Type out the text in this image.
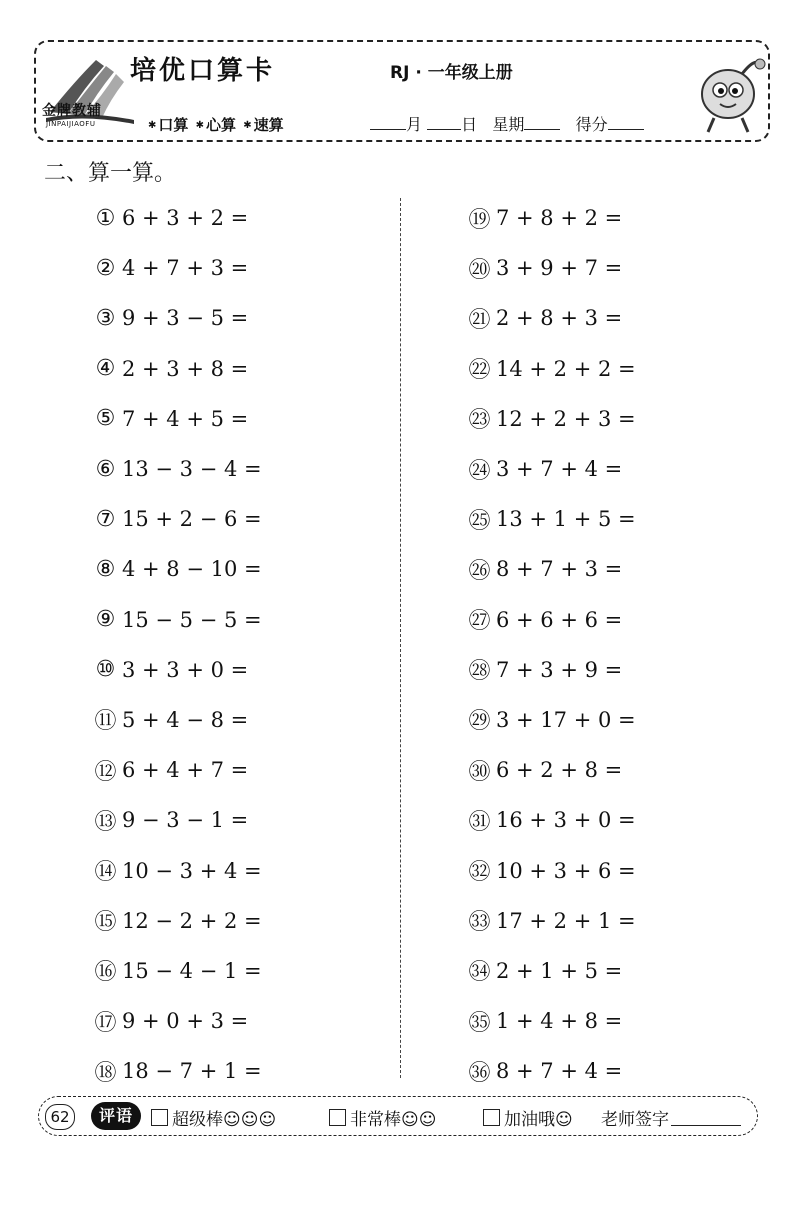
金牌教辅
JINPAIJIAOFU
培优口算卡	RJ · 一年级上册
✱ 口算 ✱ 心算 ✱ 速算	月 日 星期	得分
二、算一算。
① 6 + 3 + 2 =
② 4 + 7 + 3 =
③ 9 + 3 − 5 =
④ 2 + 3 + 8 =
⑤ 7 + 4 + 5 =
⑥ 13 − 3 − 4 =
⑦ 15 + 2 − 6 =
⑧ 4 + 8 − 10 =
⑨ 15 − 5 − 5 =
⑩ 3 + 3 + 0 =
⑪ 5 + 4 − 8 =
⑫ 6 + 4 + 7 =
⑬ 9 − 3 − 1 =
⑭ 10 − 3 + 4 =
⑮ 12 − 2 + 2 =
⑯ 15 − 4 − 1 =
⑰ 9 + 0 + 3 =
⑱ 18 − 7 + 1 =
⑲ 7 + 8 + 2 =
⑳ 3 + 9 + 7 =
㉑ 2 + 8 + 3 =
㉒ 14 + 2 + 2 =
㉓ 12 + 2 + 3 =
㉔ 3 + 7 + 4 =
㉕ 13 + 1 + 5 =
㉖ 8 + 7 + 3 =
㉗ 6 + 6 + 6 =
㉘ 7 + 3 + 9 =
㉙ 3 + 17 + 0 =
㉚ 6 + 2 + 8 =
㉛ 16 + 3 + 0 =
㉜ 10 + 3 + 6 =
㉝ 17 + 2 + 1 =
㉞ 2 + 1 + 5 =
㉟ 1 + 4 + 8 =
㊱ 8 + 7 + 4 =
62	评语	超级棒☺☺☺	非常棒☺☺	加油哦☺ 老师签字
